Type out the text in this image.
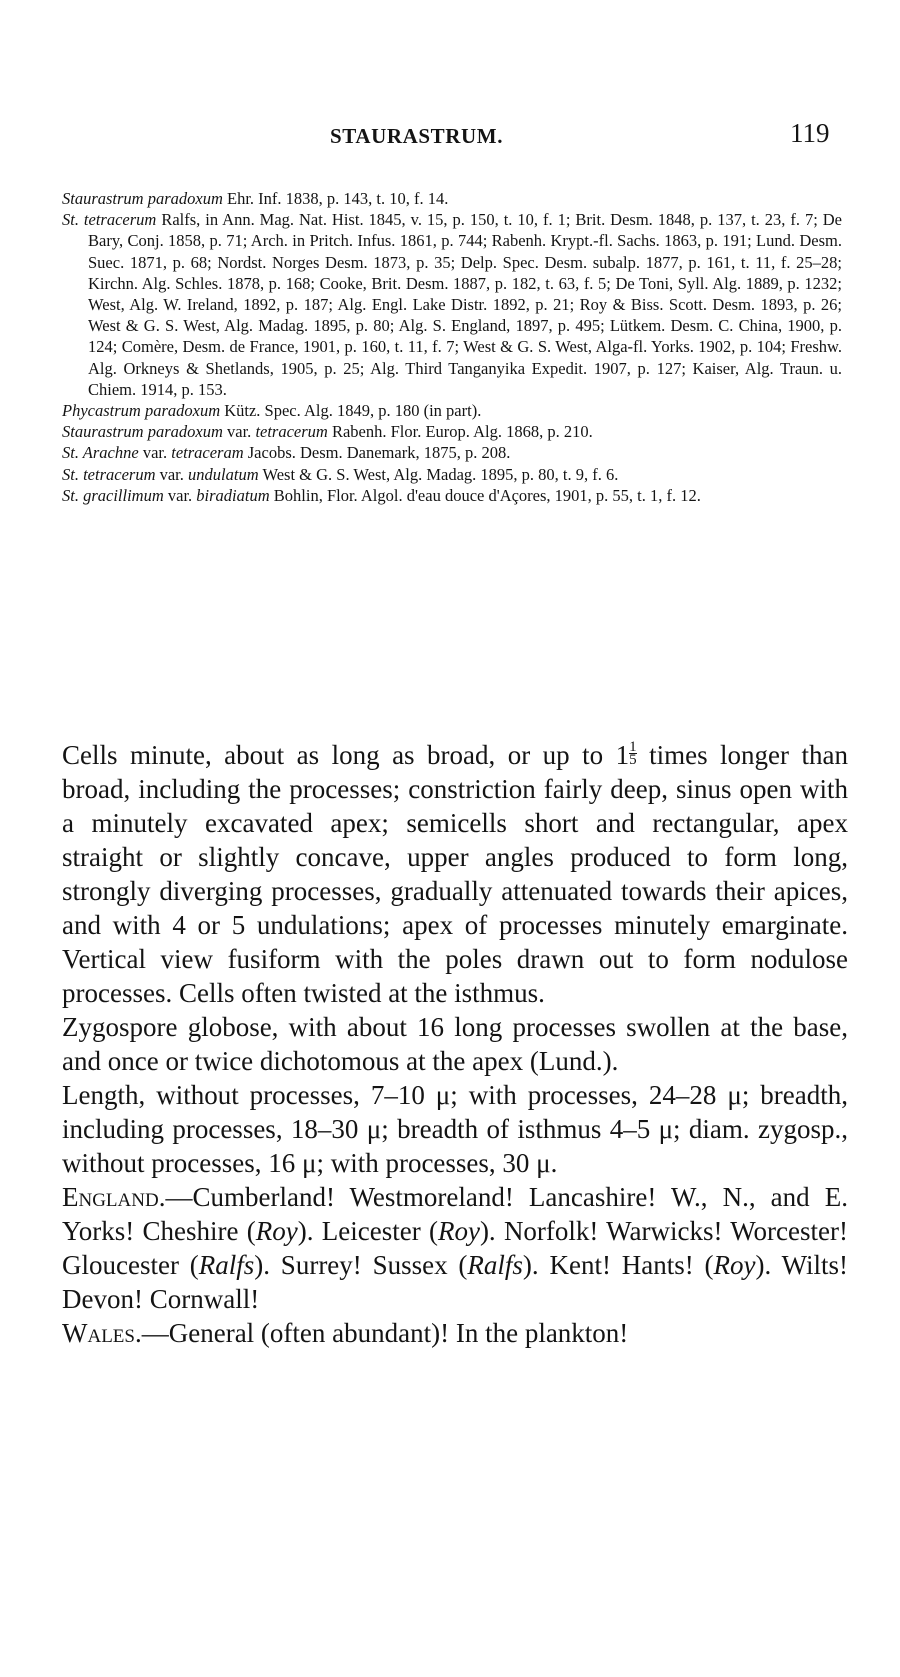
STAURASTRUM.	119

Staurastrum paradoxum Ehr. Inf. 1838, p. 143, t. 10, f. 14.

St. tetracerum Ralfs, in Ann. Mag. Nat. Hist. 1845, v. 15, p. 150, t. 10, f. 1; Brit. Desm. 1848, p. 137, t. 23, f. 7; De Bary, Conj. 1858, p. 71; Arch. in Pritch. Infus. 1861, p. 744; Rabenh. Krypt.-fl. Sachs. 1863, p. 191; Lund. Desm. Suec. 1871, p. 68; Nordst. Norges Desm. 1873, p. 35; Delp. Spec. Desm. subalp. 1877, p. 161, t. 11, f. 25–28; Kirchn. Alg. Schles. 1878, p. 168; Cooke, Brit. Desm. 1887, p. 182, t. 63, f. 5; De Toni, Syll. Alg. 1889, p. 1232; West, Alg. W. Ireland, 1892, p. 187; Alg. Engl. Lake Distr. 1892, p. 21; Roy & Biss. Scott. Desm. 1893, p. 26; West & G. S. West, Alg. Madag. 1895, p. 80; Alg. S. England, 1897, p. 495; Lütkem. Desm. C. China, 1900, p. 124; Comère, Desm. de France, 1901, p. 160, t. 11, f. 7; West & G. S. West, Alga-fl. Yorks. 1902, p. 104; Freshw. Alg. Orkneys & Shetlands, 1905, p. 25; Alg. Third Tanganyika Expedit. 1907, p. 127; Kaiser, Alg. Traun. u. Chiem. 1914, p. 153.

Phycastrum paradoxum Kütz. Spec. Alg. 1849, p. 180 (in part).

Staurastrum paradoxum var. tetracerum Rabenh. Flor. Europ. Alg. 1868, p. 210.

St. Arachne var. tetraceram Jacobs. Desm. Danemark, 1875, p. 208.

St. tetracerum var. undulatum West & G. S. West, Alg. Madag. 1895, p. 80, t. 9, f. 6.

St. gracillimum var. biradiatum Bohlin, Flor. Algol. d'eau douce d'Açores, 1901, p. 55, t. 1, f. 12.

Cells minute, about as long as broad, or up to $1 \frac{1}{5}$ times longer than broad, including the processes; constriction fairly deep, sinus open with a minutely excavated apex; semicells short and rectangular, apex straight or slightly concave, upper angles produced to form long, strongly diverging processes, gradually attenuated towards their apices, and with 4 or 5 undulations; apex of processes minutely emarginate. Vertical view fusiform with the poles drawn out to form nodulose processes. Cells often twisted at the isthmus.

Zygospore globose, with about 16 long processes swollen at the base, and once or twice dichotomous at the apex (Lund.).

Length, without processes, 7–10 μ; with processes, 24–28 μ; breadth, including processes, 18–30 μ; breadth of isthmus 4–5 μ; diam. zygosp., without processes, 16 μ; with processes, 30 μ.

England.—Cumberland! Westmoreland! Lancashire! W., N., and E. Yorks! Cheshire (Roy). Leicester (Roy). Norfolk! Warwicks! Worcester! Gloucester (Ralfs). Surrey! Sussex (Ralfs). Kent! Hants! (Roy). Wilts! Devon! Cornwall!

Wales.—General (often abundant)! In the plankton!
